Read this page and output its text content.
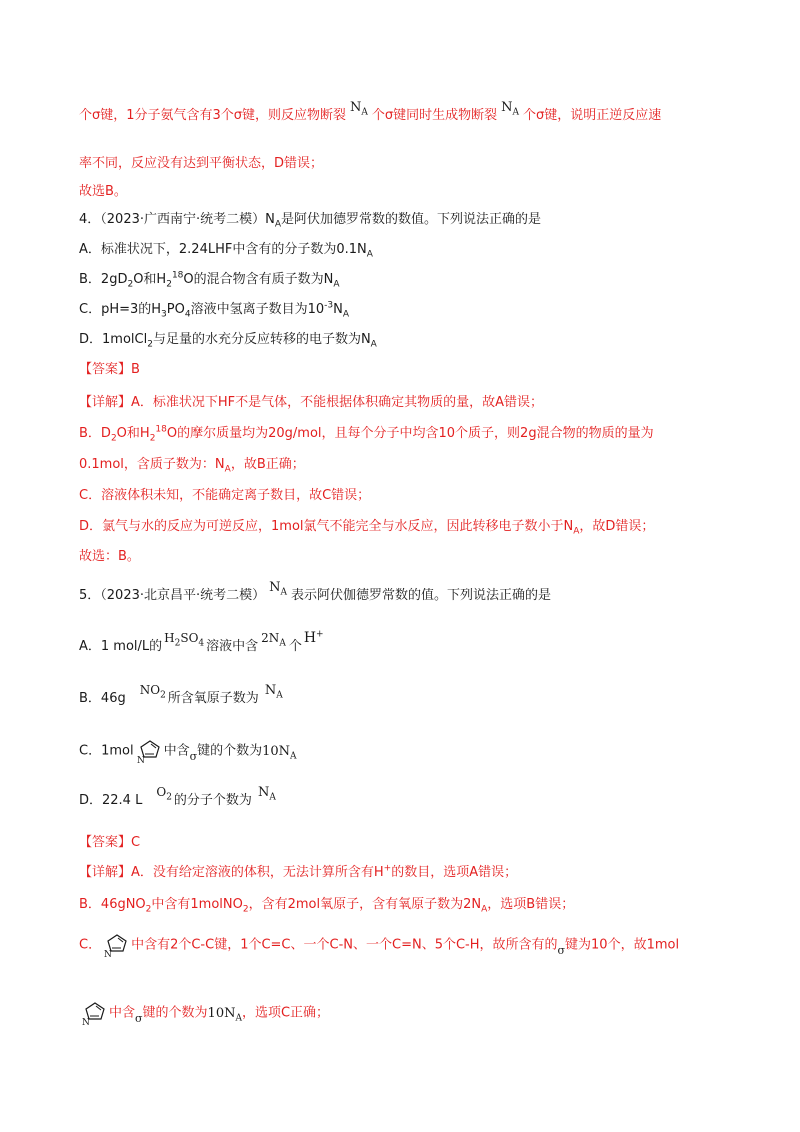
个σ键，1分子氨气含有3个σ键，则反应物断裂$N_A$ 个σ键同时生成物断裂$N_A$ 个σ键，说明正逆反应速
率不同，反应没有达到平衡状态，D错误；
故选B。
4．（2023·广西南宁·统考二模）$N_A$是阿伏加德罗常数的数值。下列说法正确的是
A．标准状况下，2.24LHF中含有的分子数为$0.1N_A$
B．$2gD_2O$和$H_2^{18}O$的混合物含有质子数为$N_A$
C．pH=3的$H_3PO_4$溶液中氢离子数目为$10^{-3}N_A$
D．1molCl$_2$与足量的水充分反应转移的电子数为$N_A$
【答案】B
【详解】A．标准状况下HF不是气体，不能根据体积确定其物质的量，故A错误；
B．$D_2O$和$H_2^{18}O$的摩尔质量均为20g/mol，且每个分子中均含10个质子，则2g混合物的物质的量为
0.1mol，含质子数为：$N_A$，故B正确；
C．溶液体积未知，不能确定离子数目，故C错误；
D．氯气与水的反应为可逆反应，1mol氯气不能完全与水反应，因此转移电子数小于$N_A$，故D错误；
故选：B。
5．（2023·北京昌平·统考二模）$N_A$ 表示阿伏伽德罗常数的值。下列说法正确的是
A．1 mol/L的$H_2SO_4$ 溶液中含$2N_A$ 个H+
B．46gNO$_2$ 所含氧原子数为$N_A$
C．1mol
N
中含$_\sigma$键的个数为$10N_A$
D．22.4 $LO_2$ 的分子个数为$N_A$
【答案】C
【详解】A．没有给定溶液的体积，无法计算所含有H+的数目，选项A错误；
B．46gNO$_2$中含有1molNO$_2$，含有2mol氧原子，含有氧原子数为$2N_A$，选项B错误；
C．
N
中含有2个C-C键，1个C=C、一个C-N、一个C=N、5个C-H，故所含有的$_\sigma$键为10个，故1mol
N
中含$_\sigma$键的个数为$10N_A$，选项C正确；
